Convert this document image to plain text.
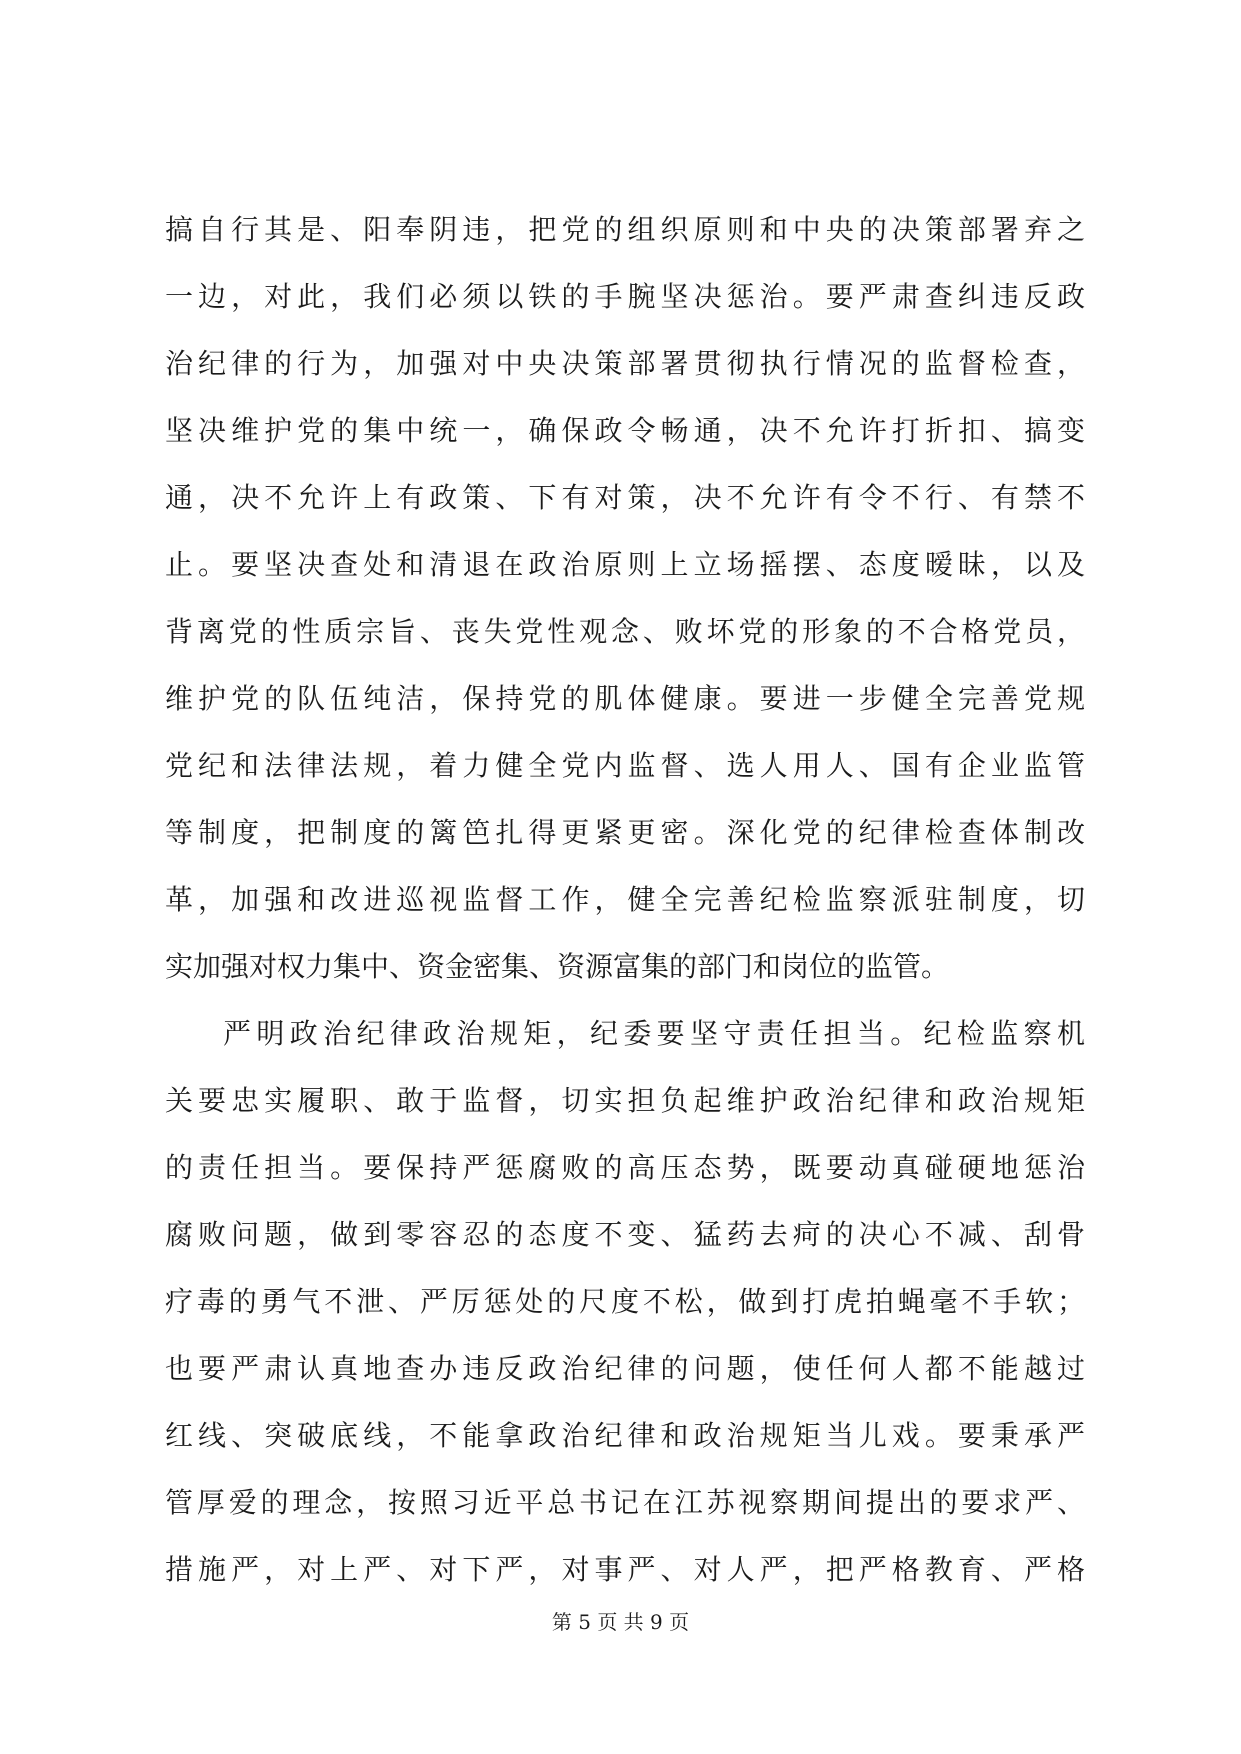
搞自行其是、阳奉阴违，把党的组织原则和中央的决策部署弃之
一边，对此，我们必须以铁的手腕坚决惩治。要严肃查纠违反政
治纪律的行为，加强对中央决策部署贯彻执行情况的监督检查，
坚决维护党的集中统一，确保政令畅通，决不允许打折扣、搞变
通，决不允许上有政策、下有对策，决不允许有令不行、有禁不
止。要坚决查处和清退在政治原则上立场摇摆、态度暧昧，以及
背离党的性质宗旨、丧失党性观念、败坏党的形象的不合格党员，
维护党的队伍纯洁，保持党的肌体健康。要进一步健全完善党规
党纪和法律法规，着力健全党内监督、选人用人、国有企业监管
等制度，把制度的篱笆扎得更紧更密。深化党的纪律检查体制改
革，加强和改进巡视监督工作，健全完善纪检监察派驻制度，切
实加强对权力集中、资金密集、资源富集的部门和岗位的监管。
严明政治纪律政治规矩，纪委要坚守责任担当。纪检监察机
关要忠实履职、敢于监督，切实担负起维护政治纪律和政治规矩
的责任担当。要保持严惩腐败的高压态势，既要动真碰硬地惩治
腐败问题，做到零容忍的态度不变、猛药去疴的决心不减、刮骨
疗毒的勇气不泄、严厉惩处的尺度不松，做到打虎拍蝇毫不手软；
也要严肃认真地查办违反政治纪律的问题，使任何人都不能越过
红线、突破底线，不能拿政治纪律和政治规矩当儿戏。要秉承严
管厚爱的理念，按照习近平总书记在江苏视察期间提出的要求严、
措施严，对上严、对下严，对事严、对人严，把严格教育、严格
第 5 页 共 9 页
